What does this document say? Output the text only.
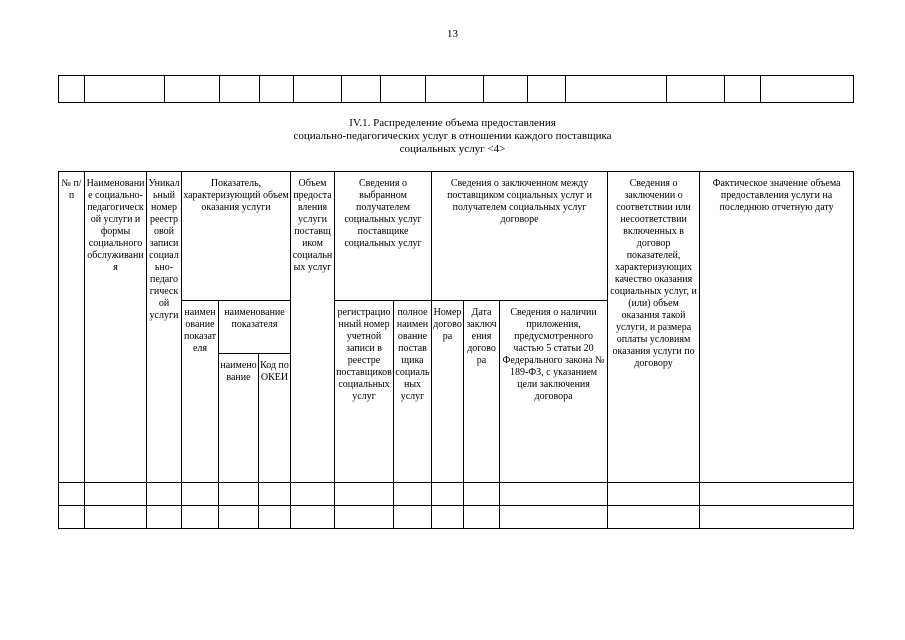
13

IV.1. Распределение объема предоставления
социально-педагогических услуг в отношении каждого поставщика
социальных услуг <4>
№ п/п	Наименование социально-педагогической услуги и формы социального обслуживания	Уникальный номер реестровой записи социально-педагогической услуги	Показатель, характеризующий объем оказания услуги			Объем предоставления услуги поставщиком социальных услуг	Сведения о выбранном получателем социальных услуг поставщике социальных услуг		Сведения о заключенном между поставщиком социальных услуг и получателем социальных услуг договоре			Сведения о заключении о соответствии или несоответствии включенных в договор показателей, характеризующих качество оказания социальных услуг, и (или) объем оказания такой услуги, и размера оплаты условиям оказания услуги по договору	Фактическое значение объема предоставления услуги на последнюю отчетную дату
			наименование показателя	наименование показателя			регистрационный номер учетной записи в реестре поставщиков социальных услуг	полное наименование поставщика социальных услуг	Номер договора	Дата заключения договора	Сведения о наличии приложения, предусмотренного частью 5 статьи 20 Федерального закона № 189-ФЗ, с указанием цели заключения договора		
				наименование	Код по ОКЕИ								
